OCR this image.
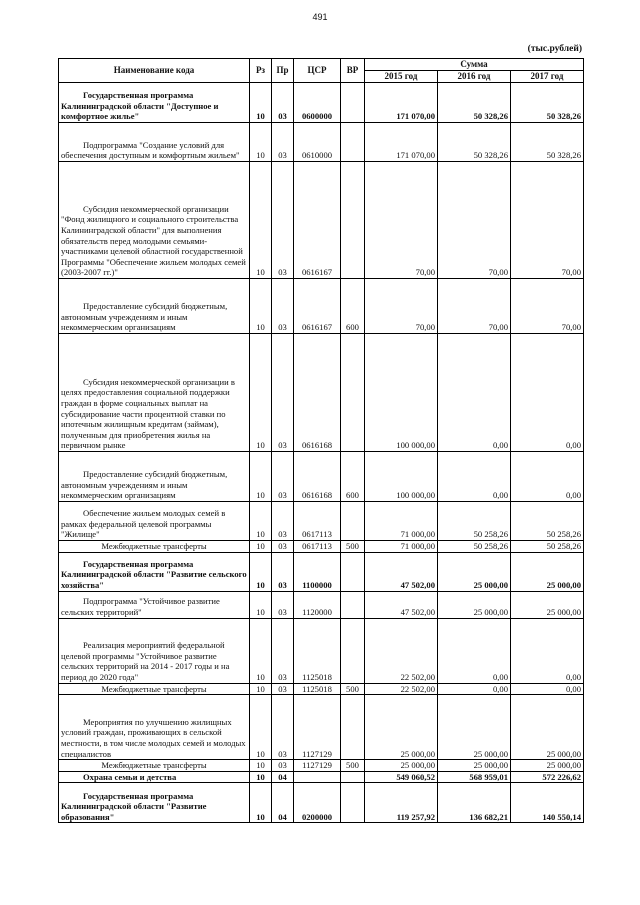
491
(тыс.рублей)
Наименование кода	Рз	Пр	ЦСР	ВР	Сумма		
					2015 год	2016 год	2017 год

Государственная программа Калининградской области "Доступное и комфортное жилье"	10	03	0600000		171 070,00	50 328,26	50 328,26

Подпрограмма "Создание условий для обеспечения доступным и комфортным жильем"	10	03	0610000		171 070,00	50 328,26	50 328,26

Субсидия некоммерческой организации "Фонд жилищного и социального строительства Калининградской области" для выполнения обязательств перед молодыми семьями-участниками целевой областной государственной Программы "Обеспечение жильем молодых семей (2003-2007 гг.)"	10	03	0616167		70,00	70,00	70,00

Предоставление субсидий бюджетным, автономным учреждениям и иным некоммерческим организациям	10	03	0616167	600	70,00	70,00	70,00

Субсидия некоммерческой организации в целях предоставления социальной поддержки граждан в форме социальных выплат на субсидирование части процентной ставки по ипотечным жилищным кредитам (займам), полученным для приобретения жилья на первичном рынке	10	03	0616168		100 000,00	0,00	0,00

Предоставление субсидий бюджетным, автономным учреждениям и иным некоммерческим организациям	10	03	0616168	600	100 000,00	0,00	0,00

Обеспечение жильем молодых семей в рамках федеральной целевой программы "Жилище"	10	03	0617113		71 000,00	50 258,26	50 258,26

Межбюджетные трансферты	10	03	0617113	500	71 000,00	50 258,26	50 258,26

Государственная программа Калининградской области "Развитие сельского хозяйства"	10	03	1100000		47 502,00	25 000,00	25 000,00

Подпрограмма "Устойчивое развитие сельских территорий"	10	03	1120000		47 502,00	25 000,00	25 000,00

Реализация мероприятий федеральной целевой программы "Устойчивое развитие сельских территорий на 2014 - 2017 годы и на период до 2020 года"	10	03	1125018		22 502,00	0,00	0,00

Межбюджетные трансферты	10	03	1125018	500	22 502,00	0,00	0,00

Мероприятия по улучшению жилищных условий граждан, проживающих в сельской местности, в том числе молодых семей и молодых специалистов	10	03	1127129		25 000,00	25 000,00	25 000,00

Межбюджетные трансферты	10	03	1127129	500	25 000,00	25 000,00	25 000,00

Охрана семьи и детства	10	04			549 060,52	568 959,01	572 226,62

Государственная программа Калининградской области "Развитие образования"	10	04	0200000		119 257,92	136 682,21	140 550,14
